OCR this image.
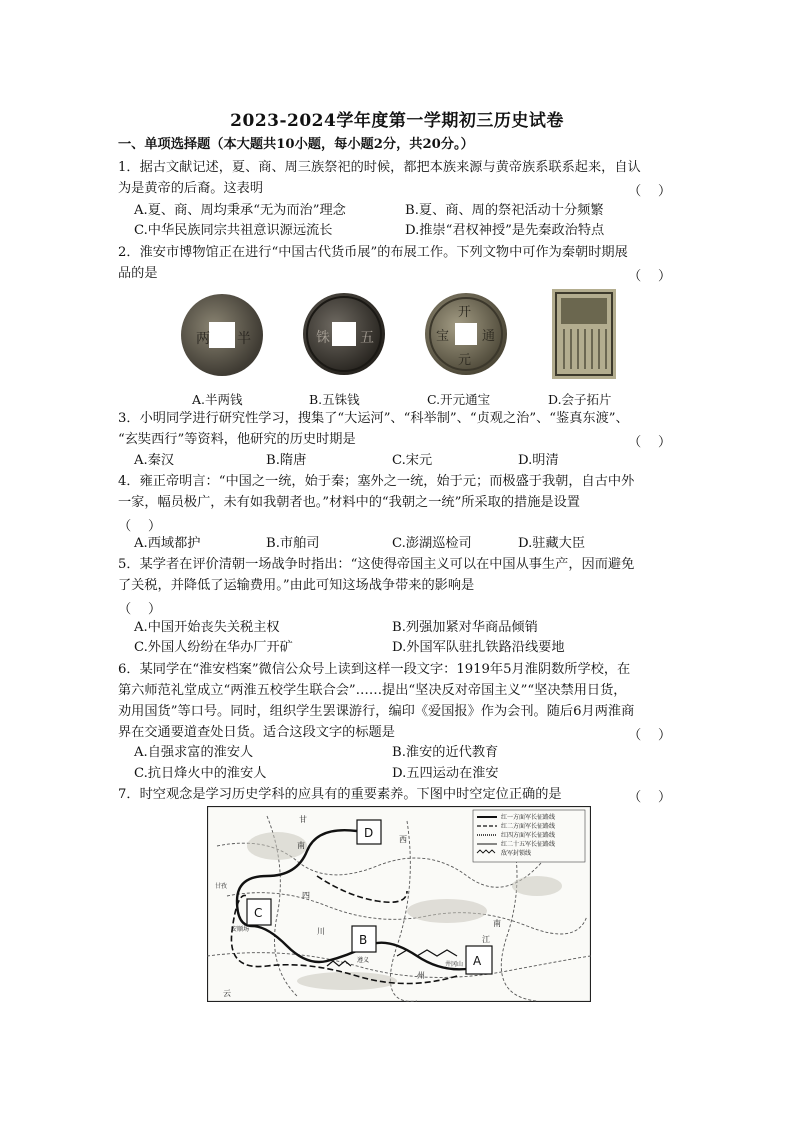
2023-2024学年度第一学期初三历史试卷
一、单项选择题（本大题共10小题，每小题2分，共20分。）
1．据古文献记述，夏、商、周三族祭祀的时候，都把本族来源与黄帝族系联系起来，自认
为是黄帝的后裔。这表明	（    ）
A.夏、商、周均秉承“无为而治”理念	B.夏、商、周的祭祀活动十分频繁
C.中华民族同宗共祖意识源远流长	D.推崇“君权神授”是先秦政治特点
2．淮安市博物馆正在进行“中国古代货币展”的布展工作。下列文物中可作为秦朝时期展
品的是	（    ）
两 半	铢 五
开
元
宝	通
A.半两钱	B.五铢钱	C.开元通宝	D.会子拓片
3．小明同学进行研究性学习，搜集了“大运河”、“科举制”、“贞观之治”、“鉴真东渡”、
“玄奘西行”等资料，他研究的历史时期是	（    ）
A.秦汉	B.隋唐	C.宋元	D.明清
4．雍正帝明言：“中国之一统，始于秦；塞外之一统，始于元；而极盛于我朝，自古中外
一家，幅员极广，未有如我朝者也。”材料中的“我朝之一统”所采取的措施是设置
（    ）
A.西域都护	B.市舶司	C.澎湖巡检司	D.驻藏大臣
5．某学者在评价清朝一场战争时指出：“这使得帝国主义可以在中国从事生产，因而避免
了关税，并降低了运输费用。”由此可知这场战争带来的影响是
（    ）
A.中国开始丧失关税主权	B.列强加紧对华商品倾销
C.外国人纷纷在华办厂开矿	D.外国军队驻扎铁路沿线要地
6．某同学在“淮安档案”微信公众号上读到这样一段文字：1919年5月淮阴数所学校，在
第六师范礼堂成立“两淮五校学生联合会”……提出“坚决反对帝国主义”“坚决禁用日货，
劝用国货”等口号。同时，组织学生罢课游行，编印《爱国报》作为会刊。随后6月两淮商
界在交通要道查处日货。适合这段文字的标题是	（    ）
A.自强求富的淮安人	B.淮安的近代教育
C.抗日烽火中的淮安人	D.五四运动在淮安
7．时空观念是学习历史学科的应具有的重要素养。下图中时空定位正确的是	（    ）
红一方面军长征路线
红二方面军长征路线
红四方面军长征路线
红二十五军长征路线
敌军封锁线
甘
南
西
四
川
南
江
州
云
甘孜
安顺场
井冈山
遵义
D
C
B
A
